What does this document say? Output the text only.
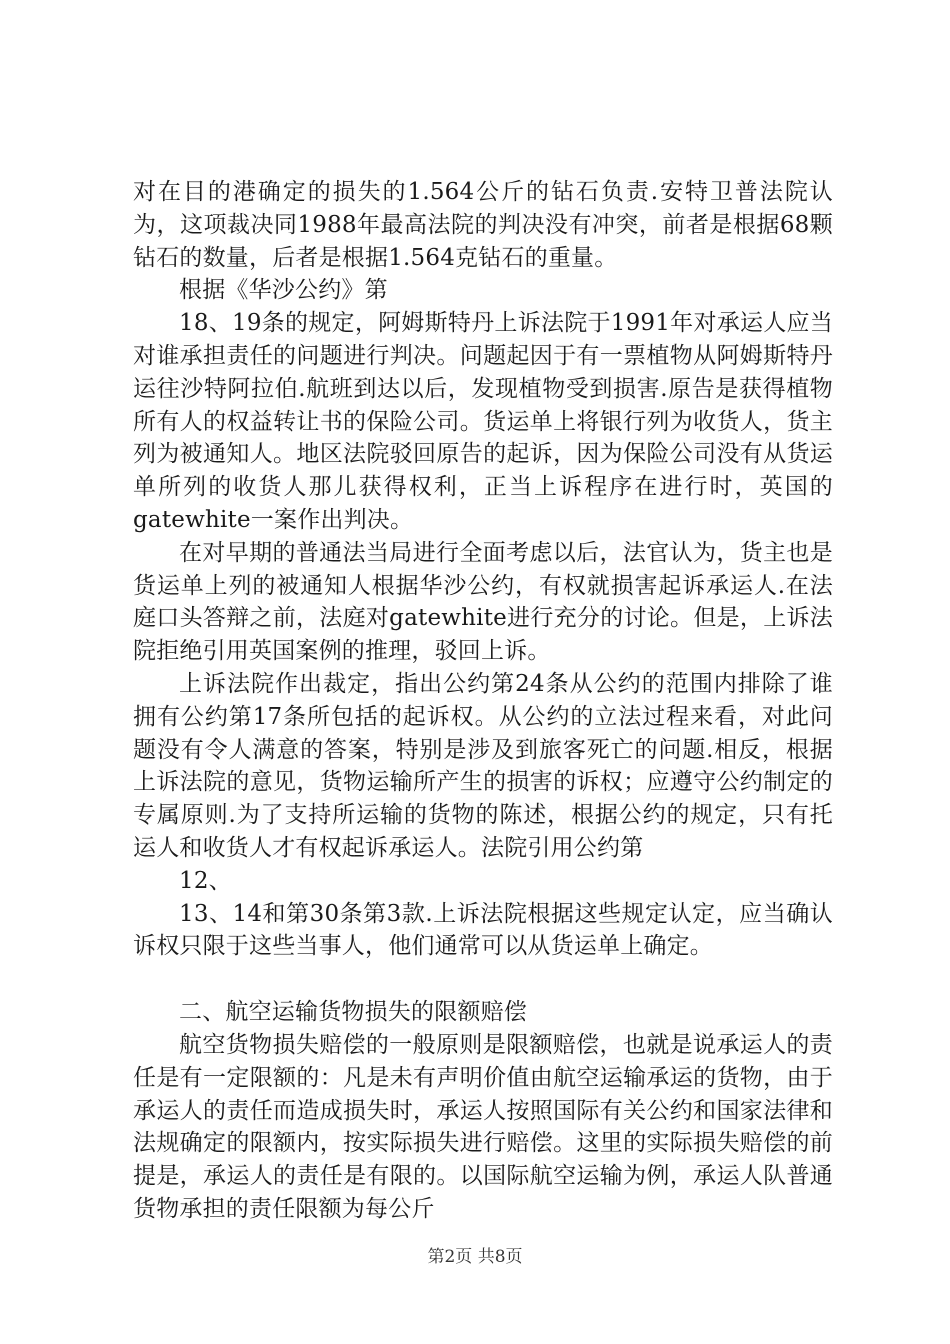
对在目的港确定的损失的1.564公斤的钻石负责.安特卫普法院认为，这项裁决同1988年最高法院的判决没有冲突，前者是根据68颗钻石的数量，后者是根据1.564克钻石的重量。

根据《华沙公约》第

18、19条的规定，阿姆斯特丹上诉法院于1991年对承运人应当对谁承担责任的问题进行判决。问题起因于有一票植物从阿姆斯特丹运往沙特阿拉伯.航班到达以后，发现植物受到损害.原告是获得植物所有人的权益转让书的保险公司。货运单上将银行列为收货人，货主列为被通知人。地区法院驳回原告的起诉，因为保险公司没有从货运单所列的收货人那儿获得权利，正当上诉程序在进行时，英国的gatewhite一案作出判决。

在对早期的普通法当局进行全面考虑以后，法官认为，货主也是货运单上列的被通知人根据华沙公约，有权就损害起诉承运人.在法庭口头答辩之前，法庭对gatewhite进行充分的讨论。但是，上诉法院拒绝引用英国案例的推理，驳回上诉。

上诉法院作出裁定，指出公约第24条从公约的范围内排除了谁拥有公约第17条所包括的起诉权。从公约的立法过程来看，对此问题没有令人满意的答案，特别是涉及到旅客死亡的问题.相反，根据上诉法院的意见，货物运输所产生的损害的诉权；应遵守公约制定的专属原则.为了支持所运输的货物的陈述，根据公约的规定，只有托运人和收货人才有权起诉承运人。法院引用公约第

12、

13、14和第30条第3款.上诉法院根据这些规定认定，应当确认诉权只限于这些当事人，他们通常可以从货运单上确定。

二、航空运输货物损失的限额赔偿

航空货物损失赔偿的一般原则是限额赔偿，也就是说承运人的责任是有一定限额的：凡是未有声明价值由航空运输承运的货物，由于承运人的责任而造成损失时，承运人按照国际有关公约和国家法律和法规确定的限额内，按实际损失进行赔偿。这里的实际损失赔偿的前提是，承运人的责任是有限的。以国际航空运输为例，承运人队普通货物承担的责任限额为每公斤

第2页 共8页
